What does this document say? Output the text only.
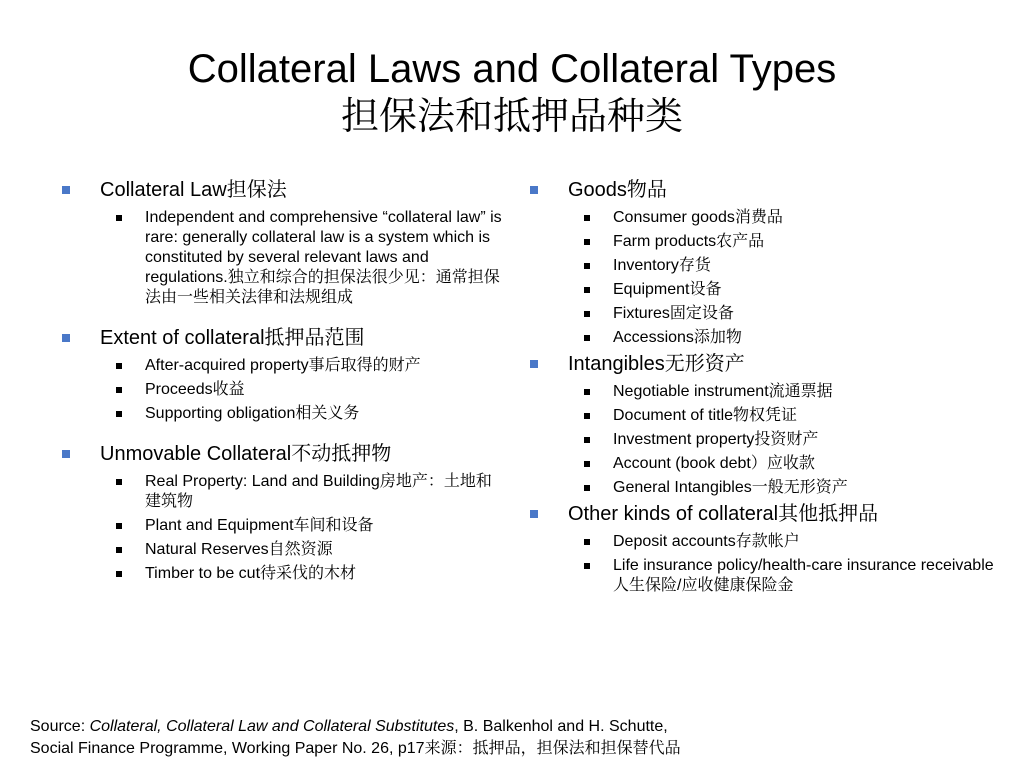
Collateral Laws and Collateral Types
担保法和抵押品种类
Collateral Law担保法
Independent and comprehensive “collateral law” is rare: generally collateral law is a system which is constituted by several relevant laws and regulations.独立和综合的担保法很少见：通常担保法由一些相关法律和法规组成
Extent of collateral抵押品范围
After-acquired property事后取得的财产
Proceeds收益
Supporting obligation相关义务
Unmovable Collateral不动抵押物
Real Property: Land and Building房地产：土地和建筑物
Plant and Equipment车间和设备
Natural Reserves自然资源
Timber to be cut待采伐的木材
Goods物品
Consumer goods消费品
Farm products农产品
Inventory存货
Equipment设备
Fixtures固定设备
Accessions添加物
Intangibles无形资产
Negotiable instrument流通票据
Document of title物权凭证
Investment property投资财产
Account (book debt）应收款
General Intangibles一般无形资产
Other kinds of collateral其他抵押品
Deposit accounts存款帐户
Life insurance policy/health-care insurance receivable人生保险/应收健康保险金
Source: Collateral, Collateral Law and Collateral Substitutes, B. Balkenhol and H. Schutte,
Social Finance Programme, Working Paper No. 26, p17来源：抵押品，担保法和担保替代品
